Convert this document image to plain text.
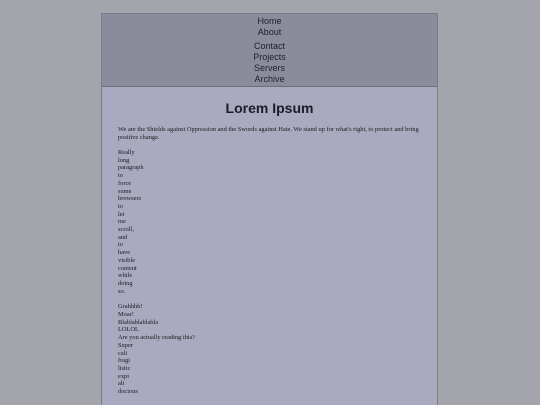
Home
About
Contact
Projects
Servers
Archive
Lorem Ipsum

We are the Shields against Oppression and the Swords against Hate. We stand up for what's right, to protect and bring positive change.

Really
long
paragraph
to
force
some
browsers
to
let
me
scroll,
and
to
have
visible
content
while
doing
so.
Grahhhh!
Moar!
Blablablablabla
LOLOL
Are you actually reading this?
Super
cali
fragi
listic
expi
ali
docious
